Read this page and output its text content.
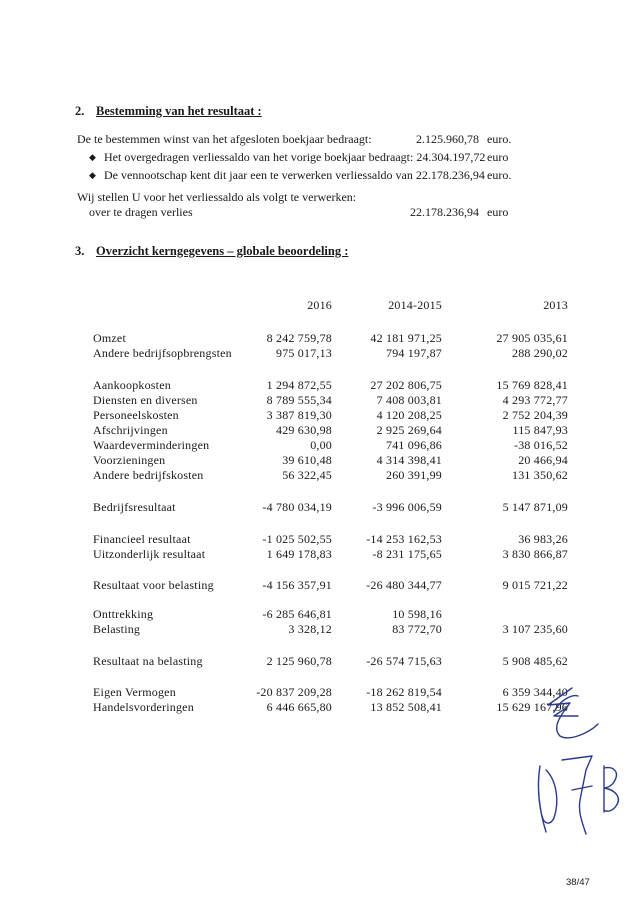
2. Bestemming van het resultaat :
De te bestemmen winst van het afgesloten boekjaar bedraagt:	2.125.960,78 euro.
◆ Het overgedragen verliessaldo van het vorige boekjaar bedraagt: 24.304.197,72 euro
◆ De vennootschap kent dit jaar een te verwerken verliessaldo van 22.178.236,94 euro.
Wij stellen U voor het verliessaldo als volgt te verwerken:
over te dragen verlies	22.178.236,94 euro
3. Overzicht kerngegevens – globale beoordeling :
2016	2014-2015	2013
Omzet	8 242 759,78	42 181 971,25	27 905 035,61
Andere bedrijfsopbrengsten	975 017,13	794 197,87	288 290,02
Aankoopkosten	1 294 872,55	27 202 806,75	15 769 828,41
Diensten en diversen	8 789 555,34	7 408 003,81	4 293 772,77
Personeelskosten	3 387 819,30	4 120 208,25	2 752 204,39
Afschrijvingen	429 630,98	2 925 269,64	115 847,93
Waardeverminderingen	0,00	741 096,86	-38 016,52
Voorzieningen	39 610,48	4 314 398,41	20 466,94
Andere bedrijfskosten	56 322,45	260 391,99	131 350,62
Bedrijfsresultaat	-4 780 034,19	-3 996 006,59	5 147 871,09
Financieel resultaat	-1 025 502,55	-14 253 162,53	36 983,26
Uitzonderlijk resultaat	1 649 178,83	-8 231 175,65	3 830 866,87
Resultaat voor belasting	-4 156 357,91	-26 480 344,77	9 015 721,22
Onttrekking	-6 285 646,81	10 598,16
Belasting	3 328,12	83 772,70	3 107 235,60
Resultaat na belasting	2 125 960,78	-26 574 715,63	5 908 485,62
Eigen Vermogen	-20 837 209,28	-18 262 819,54	6 359 344,40
Handelsvorderingen	6 446 665,80	13 852 508,41	15 629 167,96
38/47
